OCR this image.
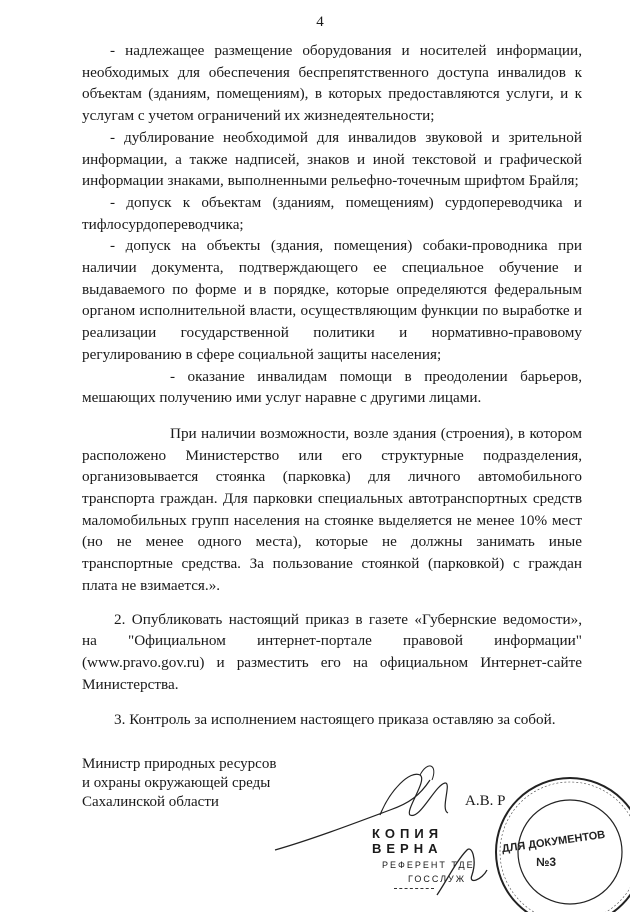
4

- надлежащее размещение оборудования и носителей информации, необходимых для обеспечения беспрепятственного доступа инвалидов к объектам (зданиям, помещениям), в которых предоставляются услуги, и к услугам с учетом ограничений их жизнедеятельности;

- дублирование необходимой для инвалидов звуковой и зрительной информации, а также надписей, знаков и иной текстовой и графической информации знаками, выполненными рельефно-точечным шрифтом Брайля;

- допуск к объектам (зданиям, помещениям) сурдопереводчика и тифлосурдопереводчика;

- допуск на объекты (здания, помещения) собаки-проводника при наличии документа, подтверждающего ее специальное обучение и выдаваемого по форме и в порядке, которые определяются федеральным органом исполнительной власти, осуществляющим функции по выработке и реализации государственной политики и нормативно-правовому регулированию в сфере социальной защиты населения;

- оказание инвалидам помощи в преодолении барьеров, мешающих получению ими услуг наравне с другими лицами.

При наличии возможности, возле здания (строения), в котором расположено Министерство или его структурные подразделения, организовывается стоянка (парковка) для личного автомобильного транспорта граждан. Для парковки специальных автотранспортных средств маломобильных групп населения на стоянке выделяется не менее 10% мест (но не менее одного места), которые не должны занимать иные транспортные средства. За пользование стоянкой (парковкой) с граждан плата не взимается.».

2. Опубликовать настоящий приказ в газете «Губернские ведомости», на "Официальном интернет-портале правовой информации" (www.pravo.gov.ru) и разместить его на официальном Интернет-сайте Министерства.

3. Контроль за исполнением настоящего приказа оставляю за собой.

Министр природных ресурсов
и охраны окружающей среды
Сахалинской области	А.В. Р
КОПИЯ ВЕРНА
РЕФЕРЕНТ ТДЕ
ГОССЛУЖ
ДЛЯ ДОКУМЕНТОВ
№3
